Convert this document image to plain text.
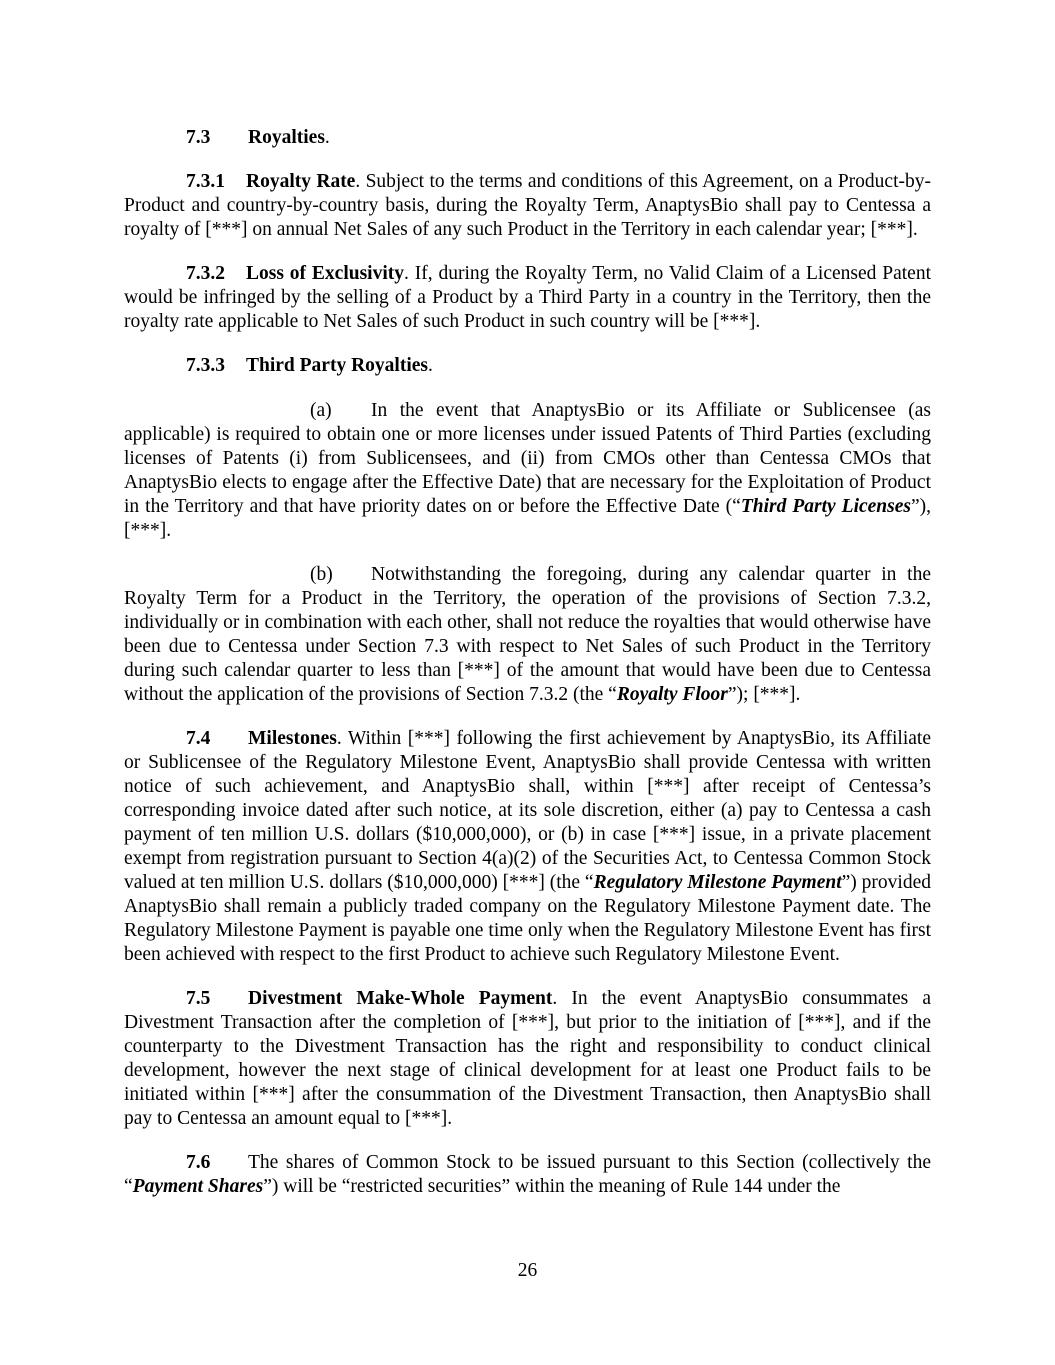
7.3 Royalties.

7.3.1 Royalty Rate. Subject to the terms and conditions of this Agreement, on a Product-by-Product and country-by-country basis, during the Royalty Term, AnaptysBio shall pay to Centessa a royalty of [***] on annual Net Sales of any such Product in the Territory in each calendar year; [***].

7.3.2 Loss of Exclusivity. If, during the Royalty Term, no Valid Claim of a Licensed Patent would be infringed by the selling of a Product by a Third Party in a country in the Territory, then the royalty rate applicable to Net Sales of such Product in such country will be [***].

7.3.3 Third Party Royalties.

(a) In the event that AnaptysBio or its Affiliate or Sublicensee (as applicable) is required to obtain one or more licenses under issued Patents of Third Parties (excluding licenses of Patents (i) from Sublicensees, and (ii) from CMOs other than Centessa CMOs that AnaptysBio elects to engage after the Effective Date) that are necessary for the Exploitation of Product in the Territory and that have priority dates on or before the Effective Date (“Third Party Licenses”), [***].

(b) Notwithstanding the foregoing, during any calendar quarter in the Royalty Term for a Product in the Territory, the operation of the provisions of Section 7.3.2, individually or in combination with each other, shall not reduce the royalties that would otherwise have been due to Centessa under Section 7.3 with respect to Net Sales of such Product in the Territory during such calendar quarter to less than [***] of the amount that would have been due to Centessa without the application of the provisions of Section 7.3.2 (the “Royalty Floor”); [***].

7.4 Milestones. Within [***] following the first achievement by AnaptysBio, its Affiliate or Sublicensee of the Regulatory Milestone Event, AnaptysBio shall provide Centessa with written notice of such achievement, and AnaptysBio shall, within [***] after receipt of Centessa’s corresponding invoice dated after such notice, at its sole discretion, either (a) pay to Centessa a cash payment of ten million U.S. dollars ($10,000,000), or (b) in case [***] issue, in a private placement exempt from registration pursuant to Section 4(a)(2) of the Securities Act, to Centessa Common Stock valued at ten million U.S. dollars ($10,000,000) [***] (the “Regulatory Milestone Payment”) provided AnaptysBio shall remain a publicly traded company on the Regulatory Milestone Payment date. The Regulatory Milestone Payment is payable one time only when the Regulatory Milestone Event has first been achieved with respect to the first Product to achieve such Regulatory Milestone Event.

7.5 Divestment Make-Whole Payment. In the event AnaptysBio consummates a Divestment Transaction after the completion of [***], but prior to the initiation of [***], and if the counterparty to the Divestment Transaction has the right and responsibility to conduct clinical development, however the next stage of clinical development for at least one Product fails to be initiated within [***] after the consummation of the Divestment Transaction, then AnaptysBio shall pay to Centessa an amount equal to [***].

7.6 The shares of Common Stock to be issued pursuant to this Section (collectively the “Payment Shares”) will be “restricted securities” within the meaning of Rule 144 under the

26
